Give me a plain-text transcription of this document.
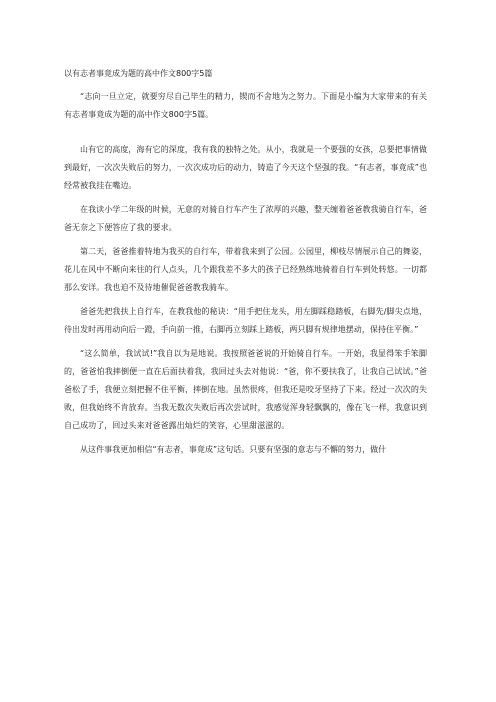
以有志者事竟成为题的高中作文800字5篇

“志向一旦立定，就要穷尽自己毕生的精力，锲而不舍地为之努力。下面是小编为大家带来的有关有志者事竟成为题的高中作文800字5篇。

山有它的高度，海有它的深度，我有我的独特之处。从小，我就是一个要强的女孩，总要把事情做到最好，一次次失败后的努力，一次次成功后的动力，铸造了今天这个坚强的我。“有志者，事竟成”也经常被我挂在嘴边。

在我读小学二年级的时候，无意的对骑自行车产生了浓厚的兴趣，整天缠着爸爸教我骑自行车，爸爸无奈之下便答应了我的要求。

第二天，爸爸推着特地为我买的自行车，带着我来到了公园。公园里，柳枝尽情展示自己的舞姿，花儿在风中不断向来往的行人点头，几个跟我差不多大的孩子已经熟练地骑着自行车到处转悠。一切都那么安详。我也迫不及待地催促爸爸教我骑车。

爸爸先把我扶上自行车，在教我他的秘诀：“用手把住龙头，用左脚踩稳踏板，右脚先/脚尖点地，待出发时再用动向后一蹬，手向前一推，右脚再立刻踩上踏板，两只脚有规律地摆动，保持住平衡。”

“这么简单，我试试!”我自以为是地说。我按照爸爸说的开始骑自行车。一开始，我显得笨手笨脚的，爸爸怕我摔倒便一直在后面扶着我，我回过头去对他说：“爸，你不要扶我了，让我自己试试。”爸爸松了手，我便立刻把握不住平衡，摔倒在地。虽然很疼，但我还是咬牙坚持了下来。经过一次次的失败，但我始终不肯放弃。当我无数次失败后再次尝试时，我感觉浑身轻飘飘的，像在飞一样，我意识到自己成功了，回过头来对爸爸露出灿烂的笑容，心里甜滋滋的。

从这件事我更加相信“有志者，事竟成”这句话。只要有坚强的意志与不懈的努力，做什
